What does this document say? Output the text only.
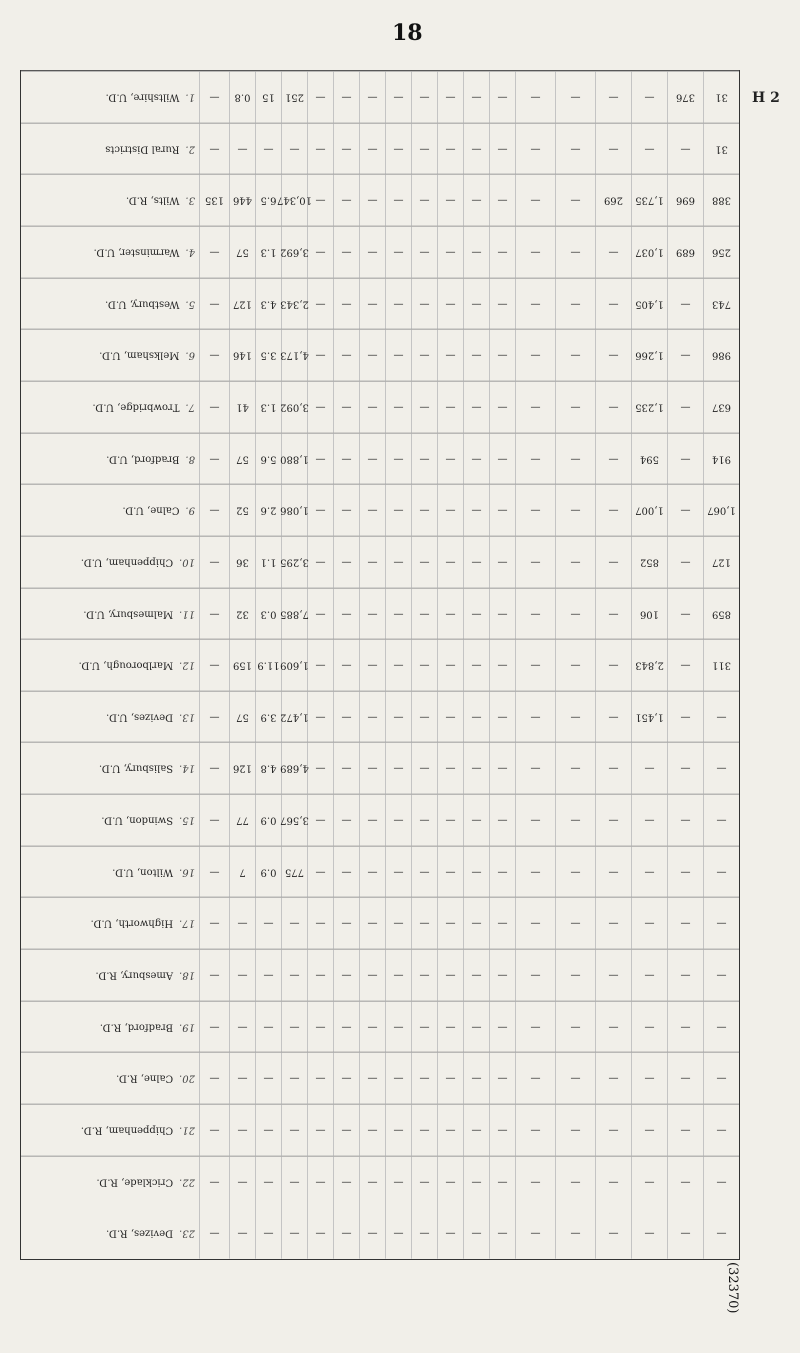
18
H 2
(32370)
31
376
—
—
—
—
—
—
—
—
—
—
—
—
251
15
0.8
—
1.
Wiltshire, U.D.
31
—
—
—
—
—
—
—
—
—
—
—
—
—
—
—
—
—
2.
Rural Districts
388
696
1,735
269
—
—
—
—
—
—
—
—
—
—
10,347
6.5
446
135
3.
Wilts, R.D.
256
689
1,037
—
—
—
—
—
—
—
—
—
—
—
3,692
1.3
57
—
4.
Warminster, U.D.
743
—
1,405
—
—
—
—
—
—
—
—
—
—
—
2,343
4.3
127
—
5.
Westbury, U.D.
986
—
1,266
—
—
—
—
—
—
—
—
—
—
—
4,173
3.5
146
—
6.
Melksham, U.D.
637
—
1,235
—
—
—
—
—
—
—
—
—
—
—
3,092
1.3
41
—
7.
Trowbridge, U.D.
914
—
594
—
—
—
—
—
—
—
—
—
—
—
1,880
5.6
57
—
8.
Bradford, U.D.
1,067
—
1,007
—
—
—
—
—
—
—
—
—
—
—
1,086
2.6
52
—
9.
Calne, U.D.
127
—
852
—
—
—
—
—
—
—
—
—
—
—
3,295
1.1
36
—
10.
Chippenham, U.D.
859
—
106
—
—
—
—
—
—
—
—
—
—
—
7,885
0.3
32
—
11.
Malmesbury, U.D.
311
—
2,843
—
—
—
—
—
—
—
—
—
—
—
1,609
11.9
159
—
12.
Marlborough, U.D.
—
—
1,451
—
—
—
—
—
—
—
—
—
—
—
1,472
3.9
57
—
13.
Devizes, U.D.
—
—
—
—
—
—
—
—
—
—
—
—
—
—
4,689
4.8
126
—
14.
Salisbury, U.D.
—
—
—
—
—
—
—
—
—
—
—
—
—
—
3,567
0.9
77
—
15.
Swindon, U.D.
—
—
—
—
—
—
—
—
—
—
—
—
—
—
775
0.9
7
—
16.
Wilton, U.D.
—
—
—
—
—
—
—
—
—
—
—
—
—
—
—
—
—
—
17.
Highworth, U.D.
—
—
—
—
—
—
—
—
—
—
—
—
—
—
—
—
—
—
18.
Amesbury, R.D.
—
—
—
—
—
—
—
—
—
—
—
—
—
—
—
—
—
—
19.
Bradford, R.D.
—
—
—
—
—
—
—
—
—
—
—
—
—
—
—
—
—
—
20.
Calne, R.D.
—
—
—
—
—
—
—
—
—
—
—
—
—
—
—
—
—
—
21.
Chippenham, R.D.
—
—
—
—
—
—
—
—
—
—
—
—
—
—
—
—
—
—
22.
Cricklade, R.D.
—
—
—
—
—
—
—
—
—
—
—
—
—
—
—
—
—
—
23.
Devizes, R.D.
